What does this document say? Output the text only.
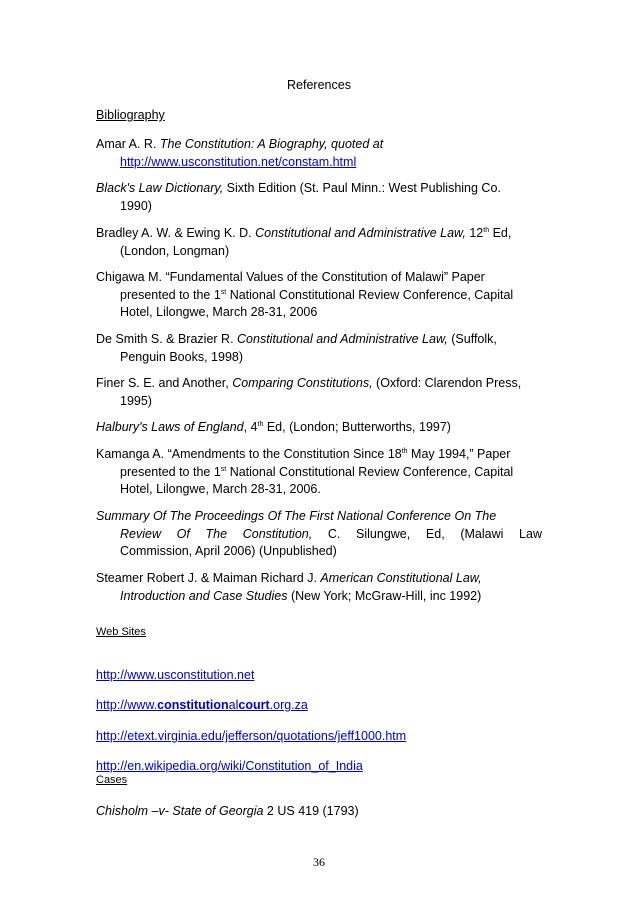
References
Bibliography
Amar A. R. The Constitution: A Biography, quoted at
http://www.usconstitution.net/constam.html
Black's Law Dictionary, Sixth Edition (St. Paul Minn.: West Publishing Co.
1990)
Bradley A. W. & Ewing K. D. Constitutional and Administrative Law, 12th Ed,
(London, Longman)
Chigawa M. “Fundamental Values of the Constitution of Malawi” Paper
presented to the 1st National Constitutional Review Conference, Capital
Hotel, Lilongwe, March 28-31, 2006
De Smith S. & Brazier R. Constitutional and Administrative Law, (Suffolk,
Penguin Books, 1998)
Finer S. E. and Another, Comparing Constitutions, (Oxford: Clarendon Press,
1995)
Halbury's Laws of England, 4th Ed, (London; Butterworths, 1997)
Kamanga A. “Amendments to the Constitution Since 18th May 1994,” Paper
presented to the 1st National Constitutional Review Conference, Capital
Hotel, Lilongwe, March 28-31, 2006.
Summary Of The Proceedings Of The First National Conference On The
Review Of The Constitution, C. Silungwe, Ed, (Malawi Law
Commission, April 2006) (Unpublished)
Steamer Robert J. & Maiman Richard J. American Constitutional Law,
Introduction and Case Studies (New York; McGraw-Hill, inc 1992)
Web Sites
http://www.usconstitution.net
http://www.constitutionalcourt.org.za
http://etext.virginia.edu/jefferson/quotations/jeff1000.htm
http://en.wikipedia.org/wiki/Constitution_of_India
Cases
Chisholm –v- State of Georgia 2 US 419 (1793)
36
